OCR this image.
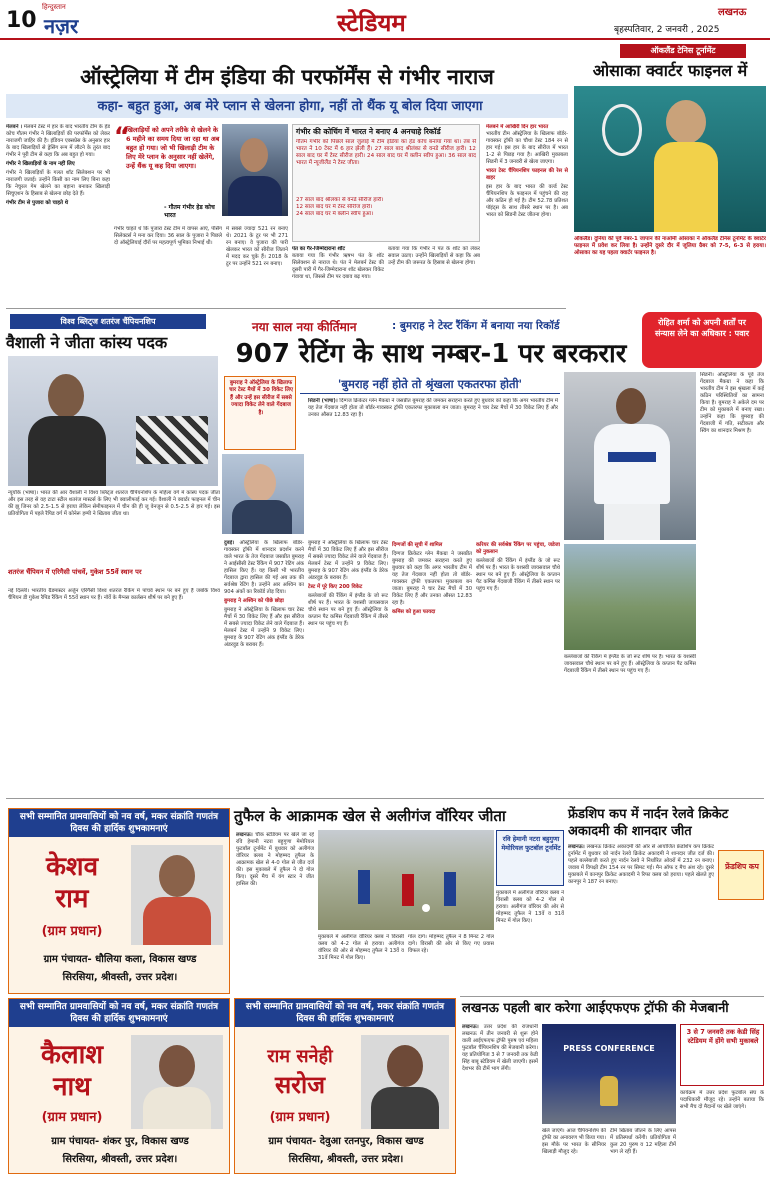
10
हिन्दुस्तान
नज़र	स्टेडियम	लखनऊ
बृहस्पतिवार, 2 जनवरी , 2025
ऑस्ट्रेलिया में टीम इंडिया की परफॉर्मेंस से गंभीर नाराज
कहा- बहुत हुआ, अब मेरे प्लान से खेलना होगा, नहीं तो थैंक यू बोल दिया जाएगा
मेलबर्न । मेलबर्न टेस्ट में हार के बाद भारतीय टीम के हेड कोच गौतम गंभीर ने खिलाड़ियों की परफॉर्मेंस को लेकर नाराजगी जाहिर की है। इंडियन एक्सप्रेस के अनुसार हार के बाद खिलाड़ियों से ड्रेसिंग रूम में लौटने के तुरंत बाद गंभीर ने पूरी टीम से कहा कि अब बहुत हो गया।
गंभीर ने खिलाड़ियों के नाम नहीं लिए
गंभीर ने खिलाड़ियों के गलत शॉट सिलेक्शन पर भी नाराजगी जताई। उन्होंने किसी का नाम लिए बिना कहा कि नेचुरल गेम खेलने का बहाना बनाकर खिलाड़ी सिचुएशन के हिसाब से खेलना छोड़ देते हैं।
गंभीर टीम से पुजारा को चाहते थे
“
खिलाड़ियों को अपने तरीके से खेलने के 6 महीने का समय दिया जा रहा था अब बहुत हो गया। जो भी खिलाड़ी टीम के लिए मेरे प्लान के अनुसार नहीं खेलेंगे, उन्हें थैंक यू कह दिया जाएगा।
- गौतम गंभीर हेड कोच भारत
गंभीर चाहते थे कि पुजारा टेस्ट टीम में वापस आएं, पेसिंग सिलेक्टर्स ने मना कर दिया। 36 साल के पुजारा ने पिछले दो ऑस्ट्रेलियाई दौरों पर महत्वपूर्ण भूमिका निभाई थी।
में सबसे ज्यादा 521 रन बनाए थे। 2021 के टूर पर भी 271 रन बनाए। वे पुजारा की पारी खेलकर भारत को सीरीज जिताने में मदद कर चुके हैं। 2018 के टूर पर उन्होंने 521 रन बनाए।
गंभीर की कोचिंग में भारत ने बनाए 4 अनचाहे रिकॉर्ड
गौतम गंभीर को पिछले साल जुलाई में टीम इंडिया का हेड कोच बनाया गया था। तब से भारत ने 10 टेस्ट में 6 हार झेली हैं। 27 साल बाद श्रीलंका से वनडे सीरीज हारी। 12 साल बाद घर में टेस्ट सीरीज हारी। 24 साल बाद घर में क्लीन स्वीप हुआ। 36 साल बाद भारत में न्यूजीलैंड ने टेस्ट जीता।
27 साल बाद श्रीलंका से वनडे सीरीज हारी।
12 साल बाद घर में टेस्ट सीरीज हारी।
24 साल बाद घर में क्लीन स्वीप हुआ।
पंत का गैर-जिम्मेदाराना शॉट
बताया गया कि गंभीर ऋषभ पंत के शॉट सिलेक्शन से नाराज थे। पंत ने मेलबर्न टेस्ट की दूसरी पारी में गैर-जिम्मेदाराना शॉट खेलकर विकेट गंवाया था, जिससे टीम पर दबाव बढ़ गया।
बताया गया कि गंभीर ने पंत के शॉट को लेकर सवाल उठाए। उन्होंने खिलाड़ियों से कहा कि अब उन्हें टीम की जरूरत के हिसाब से खेलना होगा।
मेलबर्न में आखिरी दिन हार भारत
भारतीय टीम ऑस्ट्रेलिया के खिलाफ बॉर्डर-गावस्कर ट्रॉफी का चौथा टेस्ट 184 रन से हार गई। इस हार के बाद सीरीज में भारत 1-2 से पिछड़ गया है। आखिरी मुकाबला सिडनी में 3 जनवरी से खेला जाएगा।
भारत टेस्ट चैंपियनशिप फाइनल की रेस से बाहर
इस हार के बाद भारत की वर्ल्ड टेस्ट चैंपियनशिप के फाइनल में पहुंचने की राह और कठिन हो गई है। टीम 52.78 प्रतिशत पॉइंट्स के साथ तीसरे स्थान पर है। अब भारत को सिडनी टेस्ट जीतना होगा।
ऑकलैंड टेनिस टूर्नामेंट
ओसाका क्वार्टर फाइनल में
ऑकलैंड। दुनिया की पूर्व नंबर-1 जापान की नाओमी ओसाका ने ऑकलैंड टेनिस टूर्नामेंट के क्वार्टर फाइनल में प्रवेश कर लिया है। उन्होंने दूसरे दौर में जूलिया ग्रैबर को 7-5, 6-3 से हराया। ओसाका का यह पहला क्वार्टर फाइनल है।
विश्व ब्लिट्ज शतरंज चैंपियनशिप
वैशाली ने जीता कांस्य पदक
न्यूयॉर्क (भाषा)। भारत की आर वैशाली ने विश्व ब्लिट्ज शतरंज चैंपियनशिप के महिला वर्ग में कांस्य पदक जीता और इस तरह से वह टाटा स्टील शतरंज मास्टर्स के लिए भी क्वालीफाई कर गई। वैशाली ने क्वार्टर फाइनल में चीन की झू जिनर को 2.5-1.5 से हराया लेकिन सेमीफाइनल में चीन की ही जू वेनजुन से 0.5-2.5 से हार गईं। इस प्रतियोगिता में पहले रैपिड वर्ग में कोनेरू हम्पी ने खिताब जीता था।
शतरंज चैंपियन में एरिगैसी पांचवें, गुकेश 55वें स्थान पर
नई दिल्ली। भारतीय ग्रैंडमास्टर अर्जुन एरिगैसी विश्व शतरंज रैंकिंग में पांचवें स्थान पर बने हुए हैं जबकि विश्व चैंपियन डी गुकेश रैपिड रैंकिंग में 55वें स्थान पर हैं। नॉर्वे के मैग्नस कार्लसन शीर्ष पर बने हुए हैं।
नया साल नया कीर्तिमान	: बुमराह ने टेस्ट रैंकिंग में बनाया नया रिकॉर्ड
907 रेटिंग के साथ नम्बर-1 पर बरकरार
रोहित शर्मा को अपनी शर्तों पर संन्यास लेने का अधिकार : पवार
'बुमराह नहीं होते तो श्रृंखला एकतरफा होती'
बुमराह ने ऑस्ट्रेलिया के खिलाफ चार टेस्ट मैचों में 30 विकेट लिए हैं और उन्हें इस सीरीज में सबसे ज्यादा विकेट लेने वाले गेंदबाज है।
सिडनी (भाषा)। दिग्गज क्रिकेटर ग्लेन मैकग्रा ने जसप्रीत बुमराह की जमकर सराहना करते हुए बुधवार को कहा कि अगर भारतीय टीम में यह तेज गेंदबाज नहीं होता तो बॉर्डर-गावस्कर ट्रॉफी एकतरफा मुकाबला बन जाता। बुमराह ने चार टेस्ट मैचों में 30 विकेट लिए हैं और उनका औसत 12.83 रहा है।
सिडनी। ऑस्ट्रेलिया के पूर्व तेज गेंदबाज मैकग्रा ने कहा कि भारतीय टीम ने इस श्रृंखला में कई कठिन परिस्थितियों का सामना किया है। बुमराह ने अकेले दम पर टीम को मुकाबले में बनाए रखा। उन्होंने कहा कि बुमराह की गेंदबाजी में गति, सटीकता और स्विंग का शानदार मिश्रण है।
दुबई। ऑस्ट्रेलिया के खिलाफ बॉर्डर-गावस्कर ट्रॉफी में शानदार प्रदर्शन करने वाले भारत के तेज गेंदबाज जसप्रीत बुमराह ने आईसीसी टेस्ट रैंकिंग में 907 रेटिंग अंक हासिल किए हैं। यह किसी भी भारतीय गेंदबाज द्वारा हासिल की गई अब तक की सर्वश्रेष्ठ रेटिंग है। उन्होंने आर अश्विन का 904 अंकों का रिकॉर्ड तोड़ दिया।
बुमराह ने अश्विन को पीछे छोड़ा
बुमराह ने ऑस्ट्रेलिया के खिलाफ चार टेस्ट मैचों में 30 विकेट लिए हैं और इस सीरीज में सबसे ज्यादा विकेट लेने वाले गेंदबाज हैं। मेलबर्न टेस्ट में उन्होंने 9 विकेट लिए। बुमराह के 907 रेटिंग अंक इंग्लैंड के डेरेक अंडरवुड के बराबर हैं।
बुमराह ने ऑस्ट्रेलिया के खिलाफ चार टेस्ट मैचों में 30 विकेट लिए हैं और इस सीरीज में सबसे ज्यादा विकेट लेने वाले गेंदबाज हैं। मेलबर्न टेस्ट में उन्होंने 9 विकेट लिए। बुमराह के 907 रेटिंग अंक इंग्लैंड के डेरेक अंडरवुड के बराबर हैं।
टेस्ट में पूरे किए 200 विकेट
बल्लेबाजों की रैंकिंग में इंग्लैंड के जो रूट शीर्ष पर हैं। भारत के यशस्वी जायसवाल चौथे स्थान पर बने हुए हैं। ऑस्ट्रेलिया के कप्तान पैट कमिंस गेंदबाजी रैंकिंग में तीसरे स्थान पर पहुंच गए हैं।
दिग्गजों की सूची में शामिल
दिग्गज क्रिकेटर ग्लेन मैकग्रा ने जसप्रीत बुमराह की जमकर सराहना करते हुए बुधवार को कहा कि अगर भारतीय टीम में यह तेज गेंदबाज नहीं होता तो बॉर्डर-गावस्कर ट्रॉफी एकतरफा मुकाबला बन जाता। बुमराह ने चार टेस्ट मैचों में 30 विकेट लिए हैं और उनका औसत 12.83 रहा है।
कमिंस को हुआ फायदा
करियर की सर्वश्रेष्ठ रैंकिंग पर पहुंचा, जडेजा को नुकसान
बल्लेबाजों की रैंकिंग में इंग्लैंड के जो रूट शीर्ष पर हैं। भारत के यशस्वी जायसवाल चौथे स्थान पर बने हुए हैं। ऑस्ट्रेलिया के कप्तान पैट कमिंस गेंदबाजी रैंकिंग में तीसरे स्थान पर पहुंच गए हैं।
बल्लेबाजों की रैंकिंग में इंग्लैंड के जो रूट शीर्ष पर हैं। भारत के यशस्वी जायसवाल चौथे स्थान पर बने हुए हैं। ऑस्ट्रेलिया के कप्तान पैट कमिंस गेंदबाजी रैंकिंग में तीसरे स्थान पर पहुंच गए हैं।
सभी सम्मानित ग्रामवासियों को नव वर्ष, मकर संक्रांति गणतंत्र दिवस की हार्दिक शुभकामनाएं
केशव
राम
(ग्राम प्रधान)
ग्राम पंचायत- धौलिया कला, विकास खण्ड
सिरसिया, श्रीवस्ती, उत्तर प्रदेश।
सभी सम्मानित ग्रामवासियों को नव वर्ष, मकर संक्रांति गणतंत्र दिवस की हार्दिक शुभकामनाएं
कैलाश
नाथ
(ग्राम प्रधान)
ग्राम पंचायत- शंकर पुर, विकास खण्ड
सिरसिया, श्रीवस्ती, उत्तर प्रदेश।
सभी सम्मानित ग्रामवासियों को नव वर्ष, मकर संक्रांति गणतंत्र दिवस की हार्दिक शुभकामनाएं
राम सनेही
सरोज
(ग्राम प्रधान)
ग्राम पंचायत- देवुआ रतनपुर, विकास खण्ड
सिरसिया, श्रीवस्ती, उत्तर प्रदेश।
तुफैल के आक्रामक खेल से अलीगंज वॉरियर जीता
लखनऊ। चौक स्टेडियम पर खेले जा रहे रवि हेमानी नटरा बहुगुणा मेमोरियल फुटबॉल टूर्नामेंट में बुधवार को अलीगंज वॉरियर क्लब ने मोहम्मद तुफैल के आक्रामक खेल से 4-0 गोल से जीत दर्ज की। इस मुकाबले में तुफैल ने दो गोल किए। दूसरे मैच में यंग स्टार ने जीत हासिल की।
रवि हेमानी नटरा बहुगुणा मेमोरियल फुटबॉल टूर्नामेंट
मुकाबले में अलीगंज वॉरियर क्लब ने विरासी क्लब को 4-2 गोल से हराया। अलीगंज वॉरियर की ओर से मोहम्मद तुफैल ने 13वें व 31वें मिनट में गोल किए।
गोल दागे। मोहम्मद तुफैल ने 8 मिनट 2 गोल दागे। विरासी की ओर से किए गए प्रयास विफल रहे।
मुकाबले में अलीगंज वॉरियर क्लब ने विरासी क्लब को 4-2 गोल से हराया। अलीगंज वॉरियर की ओर से मोहम्मद तुफैल ने 13वें व 31वें मिनट में गोल किए।
फ्रेंडशिप कप में नार्दन रेलवे क्रिकेट अकादमी की शानदार जीत
लखनऊ। लखनऊ क्रिकेट अकादमी की ओर से आयोजित फ्रेंडशिप कप क्रिकेट टूर्नामेंट में बुधवार को नार्दन रेलवे क्रिकेट अकादमी ने शानदार जीत दर्ज की। पहले बल्लेबाजी करते हुए नार्दन रेलवे ने निर्धारित ओवरों में 232 रन बनाए। जवाब में विपक्षी टीम 154 रन पर सिमट गई। मैन ऑफ द मैच अंश रहे। दूसरे मुकाबले में कानपुर क्रिकेट अकादमी ने रिफा क्लब को हराया। पहले खेलते हुए कानपुर ने 187 रन बनाए।
फ्रेंडशिप कप
लखनऊ पहली बार करेगा आईएफएफ ट्रॉफी की मेजबानी
लखनऊ। उत्तर प्रदेश की राजधानी लखनऊ में तीन जनवरी से शुरू होने वाली आईएफएफ ट्रॉफी पुरुष एवं महिला फुटबॉल चैंपियनशिप की मेजबानी करेगा। यह प्रतियोगिता 3 से 7 जनवरी तक केडी सिंह बाबू स्टेडियम में खेली जाएगी। इसमें देशभर की टीमें भाग लेंगी।
PRESS CONFERENCE
3 से 7 जनवरी तक केडी सिंह स्टेडियम में होंगे सभी मुकाबले
कार्यक्रम में उत्तर प्रदेश फुटबॉल संघ के पदाधिकारी मौजूद रहे। उन्होंने बताया कि सभी मैच दो मैदानों पर खेले जाएंगे।
खेले जाएंगे। आज चैंपियनशिप की ट्रॉफी का अनावरण भी किया गया। इस मौके पर भारत के सीनियर खिलाड़ी मौजूद रहे।
टीमें खिताब जीतने के लिए आपस में प्रतिस्पर्धा करेंगी। प्रतियोगिता में कुल 20 पुरुष व 12 महिला टीमें भाग ले रही हैं।
